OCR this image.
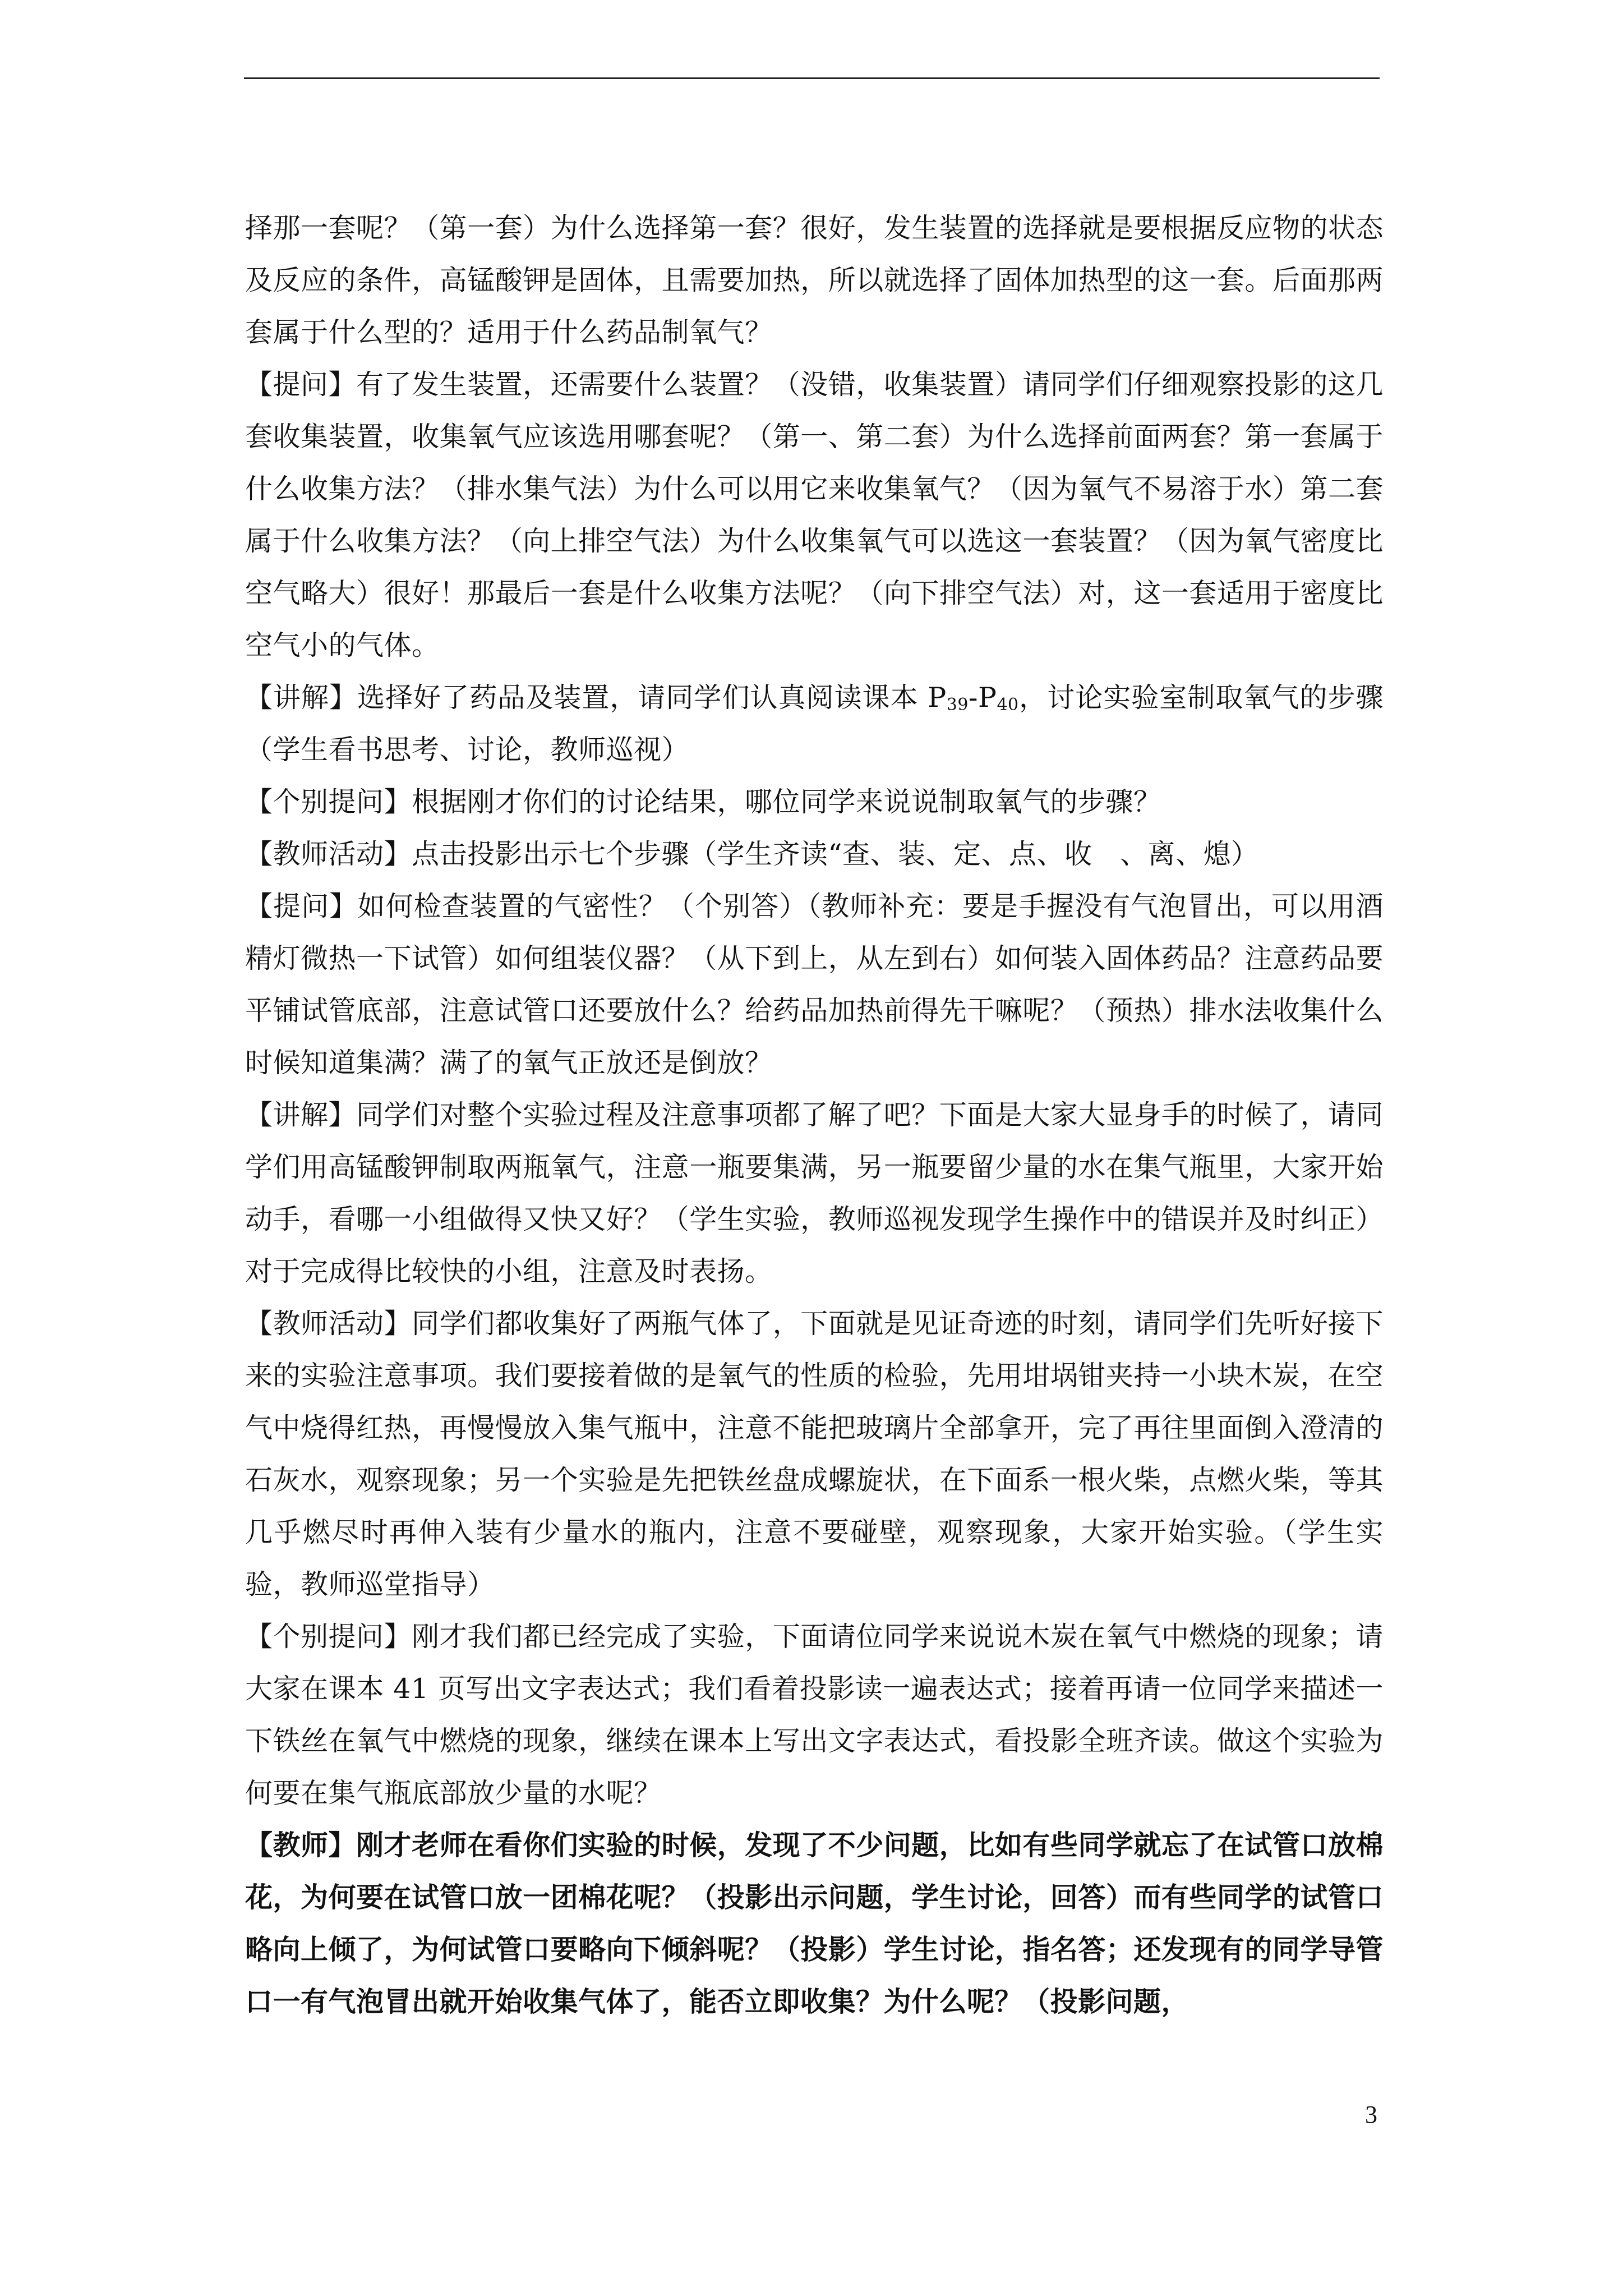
择那一套呢？（第一套）为什么选择第一套？很好，发生装置的选择就是要根据反应物的状态及反应的条件，高锰酸钾是固体，且需要加热，所以就选择了固体加热型的这一套。后面那两套属于什么型的？适用于什么药品制氧气？

【提问】有了发生装置，还需要什么装置？（没错，收集装置）请同学们仔细观察投影的这几套收集装置，收集氧气应该选用哪套呢？（第一、第二套）为什么选择前面两套？第一套属于什么收集方法？（排水集气法）为什么可以用它来收集氧气？（因为氧气不易溶于水）第二套属于什么收集方法？（向上排空气法）为什么收集氧气可以选这一套装置？（因为氧气密度比空气略大）很好！那最后一套是什么收集方法呢？（向下排空气法）对，这一套适用于密度比空气小的气体。

【讲解】选择好了药品及装置，请同学们认真阅读课本 $P_{39}-P_{40}$，讨论实验室制取氧气的步骤（学生看书思考、讨论，教师巡视）

【个别提问】根据刚才你们的讨论结果，哪位同学来说说制取氧气的步骤？

【教师活动】点击投影出示七个步骤（学生齐读“查、装、定、点、收　、离、熄）

【提问】如何检查装置的气密性？（个别答）（教师补充：要是手握没有气泡冒出，可以用酒精灯微热一下试管）如何组装仪器？（从下到上，从左到右）如何装入固体药品？注意药品要平铺试管底部，注意试管口还要放什么？给药品加热前得先干嘛呢？（预热）排水法收集什么时候知道集满？满了的氧气正放还是倒放？

【讲解】同学们对整个实验过程及注意事项都了解了吧？下面是大家大显身手的时候了，请同学们用高锰酸钾制取两瓶氧气，注意一瓶要集满，另一瓶要留少量的水在集气瓶里，大家开始动手，看哪一小组做得又快又好？（学生实验，教师巡视发现学生操作中的错误并及时纠正）对于完成得比较快的小组，注意及时表扬。

【教师活动】同学们都收集好了两瓶气体了，下面就是见证奇迹的时刻，请同学们先听好接下来的实验注意事项。我们要接着做的是氧气的性质的检验，先用坩埚钳夹持一小块木炭，在空气中烧得红热，再慢慢放入集气瓶中，注意不能把玻璃片全部拿开，完了再往里面倒入澄清的石灰水，观察现象；另一个实验是先把铁丝盘成螺旋状，在下面系一根火柴，点燃火柴，等其几乎燃尽时再伸入装有少量水的瓶内，注意不要碰壁，观察现象，大家开始实验。（学生实验，教师巡堂指导）

【个别提问】刚才我们都已经完成了实验，下面请位同学来说说木炭在氧气中燃烧的现象；请大家在课本 41 页写出文字表达式；我们看着投影读一遍表达式；接着再请一位同学来描述一下铁丝在氧气中燃烧的现象，继续在课本上写出文字表达式，看投影全班齐读。做这个实验为何要在集气瓶底部放少量的水呢？

【教师】刚才老师在看你们实验的时候，发现了不少问题，比如有些同学就忘了在试管口放棉花，为何要在试管口放一团棉花呢？（投影出示问题，学生讨论，回答）而有些同学的试管口略向上倾了，为何试管口要略向下倾斜呢？（投影）学生讨论，指名答；还发现有的同学导管口一有气泡冒出就开始收集气体了，能否立即收集？为什么呢？（投影问题，

3
